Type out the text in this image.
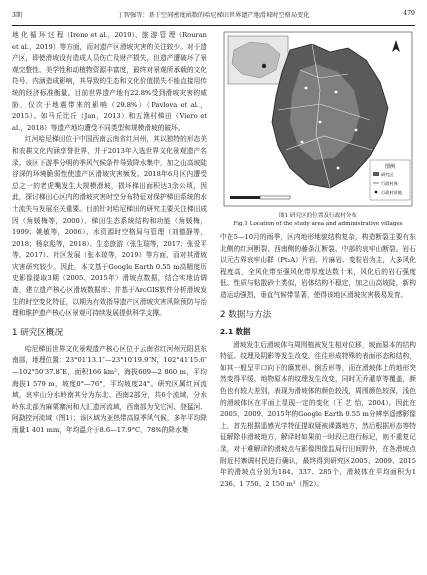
3期	丁智强等：基于空间密度函数的哈尼梯田世界遗产地滑坡时空格局变化	479

地 化 循 环 过 程（Irene et al.，2019）、旅 游 管 理（Rouran et al.，2019）等方面，而对遗产区滑坡灾害的关注较少。对于遗产区，即使滑坡没有造成人员伤亡及财产损失，但遗产遭破坏了景观完整性、美学性和动植物资源丰富度，最终对景观所承载的文化符号、内涵造成影响，其导致的生态和文化价值损失不能直接用传统的经济标准衡量。目前世界遗产地有22.8%受到滑坡灾害的威胁，仅次于地震带来的影响（29.8%）（Pavlova et al.，2015）。如马丘比丘（Jan，2013）和五渔村梯田（Viero et al.，2018）等遗产地均遭受不同类型和规模滑坡的破坏。

红河哈尼梯田位于中国西南云南省红河州，其以独特的形态美和农耕文化内涵享誉世界，并于2013年入选世界文化景观遗产名录。该区下游季分明的季风气候条件导致降水集中，加之山高坡陡谷深的环境脆弱性使遗产区滑坡灾害频发。2018年6月区内遭受总之一的老虎嘴发生大规模滑坡，损坏梯田面积达3余公顷，因此，探讨梯田心区内的滑坡灾害时空分布特征对保护梯田系统的水土流失与发展至关重要。目前针对哈尼梯田的研究主要关注梯田成因（角媛梅等，2000）、梯田生态系统结构和功能（角媛梅，1999；姚敏等，2006）、水资源时空格局与管理（刘德静等，2018；杨京彪等，2018）、生态旅游（张生瑞等，2017；张爱平等，2017）、社区发展（张本琼等，2019）等方面，而对其滑坡灾害研究较少。因此，本文基于Google Earth 0.55 m高精度历史影像提取3期（2005、2015年）滑坡点数据，结合实地访调查，建立遗产核心区滑坡数据库；并基于ArcGIS软件分析滑坡发生的时空变化特征，以期为有效指导遗产区滑坡灾害风险预防与治理和维护遗产核心区景观可持续发展提供科学支撑。

1 研究区概况

哈尼梯田世界文化景观遗产核心区位于云南省红河州元阳县东南部，地理位置：23°01′13.1″—23°10′19.9″N，102°41′15.6″—102°50′37.8″E，面积166 km²，海拔609—2 860 m，平均海拔1 579 m，坡度0°—76°，平均坡度24°。研究区属红河流域，哀牢山分水岭南其分为东北、西南2部分，共6个流域，分水岭东北部为麻栗寨河和大汇遗河流域，西南部为戈它河、登猛河、阿勐控河流域（图1）；该区域为亚热带高原季风气候，多年平均降雨量1 401 mm，年均温介于8.6—17.9°C，78%的降水集

图例
研究区
行政村界
行政村驻地
图1 研究区的位置及行政村分布
Fig.1 Location of the study area and administrative villages

中在5—10月的雨季，区内地形地貌结构复杂，构造断裂主要有东北侧的红河断裂、西南侧的藤条江断裂、中部的哀牢山断裂。岩石以元古界哀牢山群（Pt₂A）片岩、片麻岩、变粒岩为主，大多风化程度高，全风化带至强风化带厚度达数十米，风化后的岩石强度低、性质与粘散砂土类似，岩体结构不稳定，加之山高坡陡，新构造运动强烈，垂直气候带显著，使得该地区滑坡灾害极易发育。

2 数据与方法
2.1 数据

滑坡发生后滑坡体与周围植被发生相对位移，坡面原本的结构特征、纹理及阴影等发生改变，往往形成特殊的表面形态和结构，如其一般呈平口向下的簸箕形、倒舌形等，而在滑坡体上的地形突然变得平缓、地物原本的纹理发生改变，同时无乔灌草等覆盖，颜色也有较大差别，表现为滑坡体的颜色较浅，周围颜色较深，浅色的滑坡体区在平面上显现一定的变化（王 艺 怡，2004）。因此在 2005、2009、2015年的Google Earth 0.55 m分辨率遥感影像上，首先根据遥感光学特征提取疑被裸露地方，然后根据形态等特征解除非滑坡地方，解译时如果前一时段已进行标记，则不重复记录，对于难解译的滑坡点与影像图像监局行田间野外，在各滑坡点附近村寨调村民进行确认，最终得到研究区2005、2009、2015年的滑坡点分别为184、337、285个，滑坡体在平均面积为1 236、1 750、2 150 m²（图2）。
